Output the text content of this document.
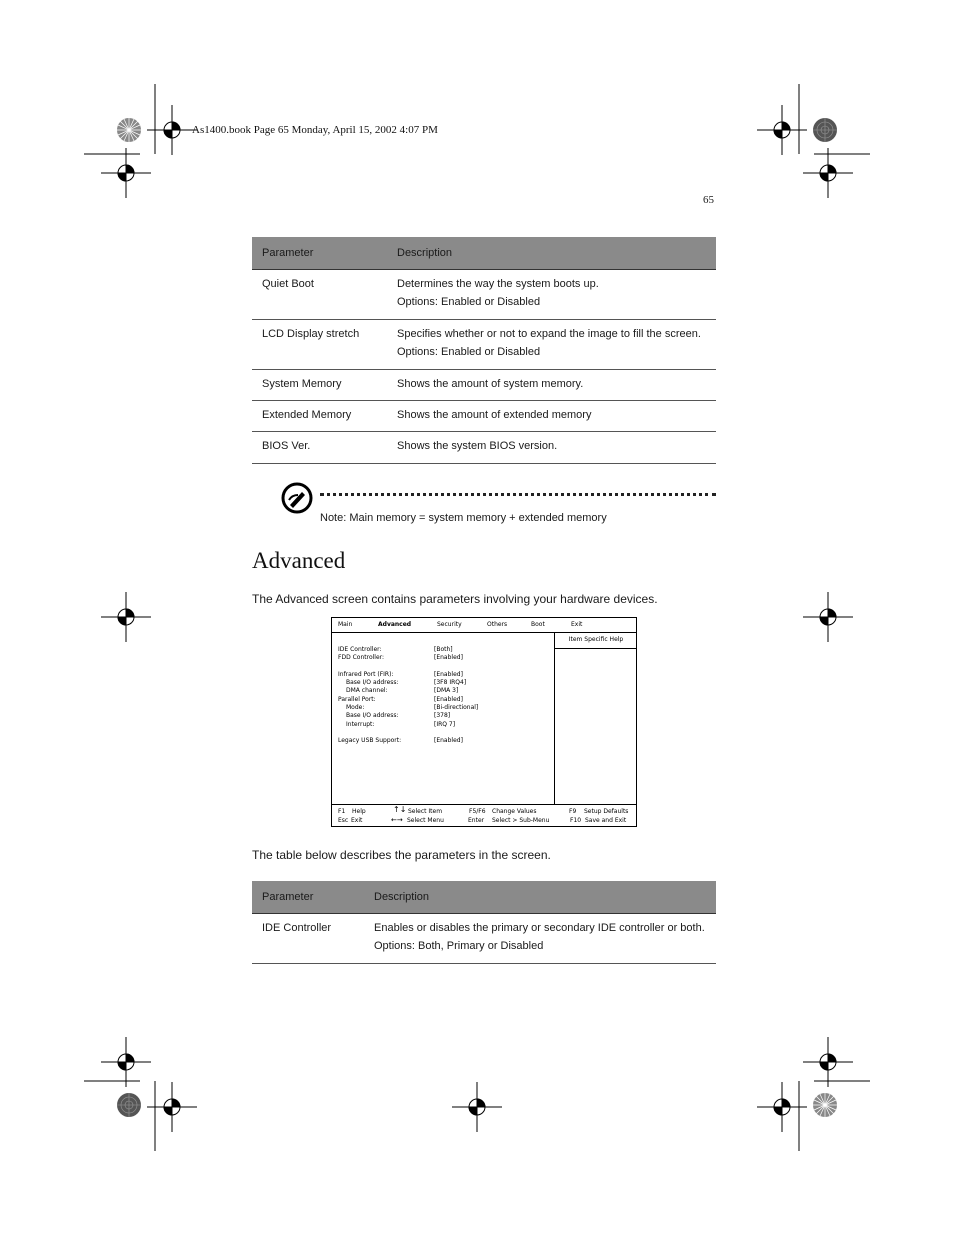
As1400.book Page 65 Monday, April 15, 2002 4:07 PM
65
Parameter	Description
Quiet Boot	Determines the way the system boots up.
Options: Enabled or Disabled
LCD Display stretch	Specifies whether or not to expand the image to fill the screen.
Options: Enabled or Disabled
System Memory	Shows the amount of system memory.
Extended Memory	Shows the amount of extended memory
BIOS Ver.	Shows the system BIOS version.
Note: Main memory = system memory + extended memory
Advanced
The Advanced screen contains parameters involving your hardware devices.
Main	Advanced	Security	Others	Boot	Exit
Item Specific Help
IDE Controller:	[Both]
FDD Controller:	[Enabled]
Infrared Port (FIR):	[Enabled]
Base I/O address:	[3F8 IRQ4]
DMA channel:	[DMA 3]
Parallel Port:	[Enabled]
Mode:	[Bi-directional]
Base I/O address:	[378]
Interrupt:	[IRQ 7]
Legacy USB Support:	[Enabled]
F1 Help
Esc Exit
↑↓ Select Item
←→ Select Menu
F5/F6 Change Values
Enter Select > Sub-Menu
F9 Setup Defaults
F10 Save and Exit
The table below describes the parameters in the screen.
Parameter	Description
IDE Controller	Enables or disables the primary or secondary IDE controller or both.
Options: Both, Primary or Disabled
